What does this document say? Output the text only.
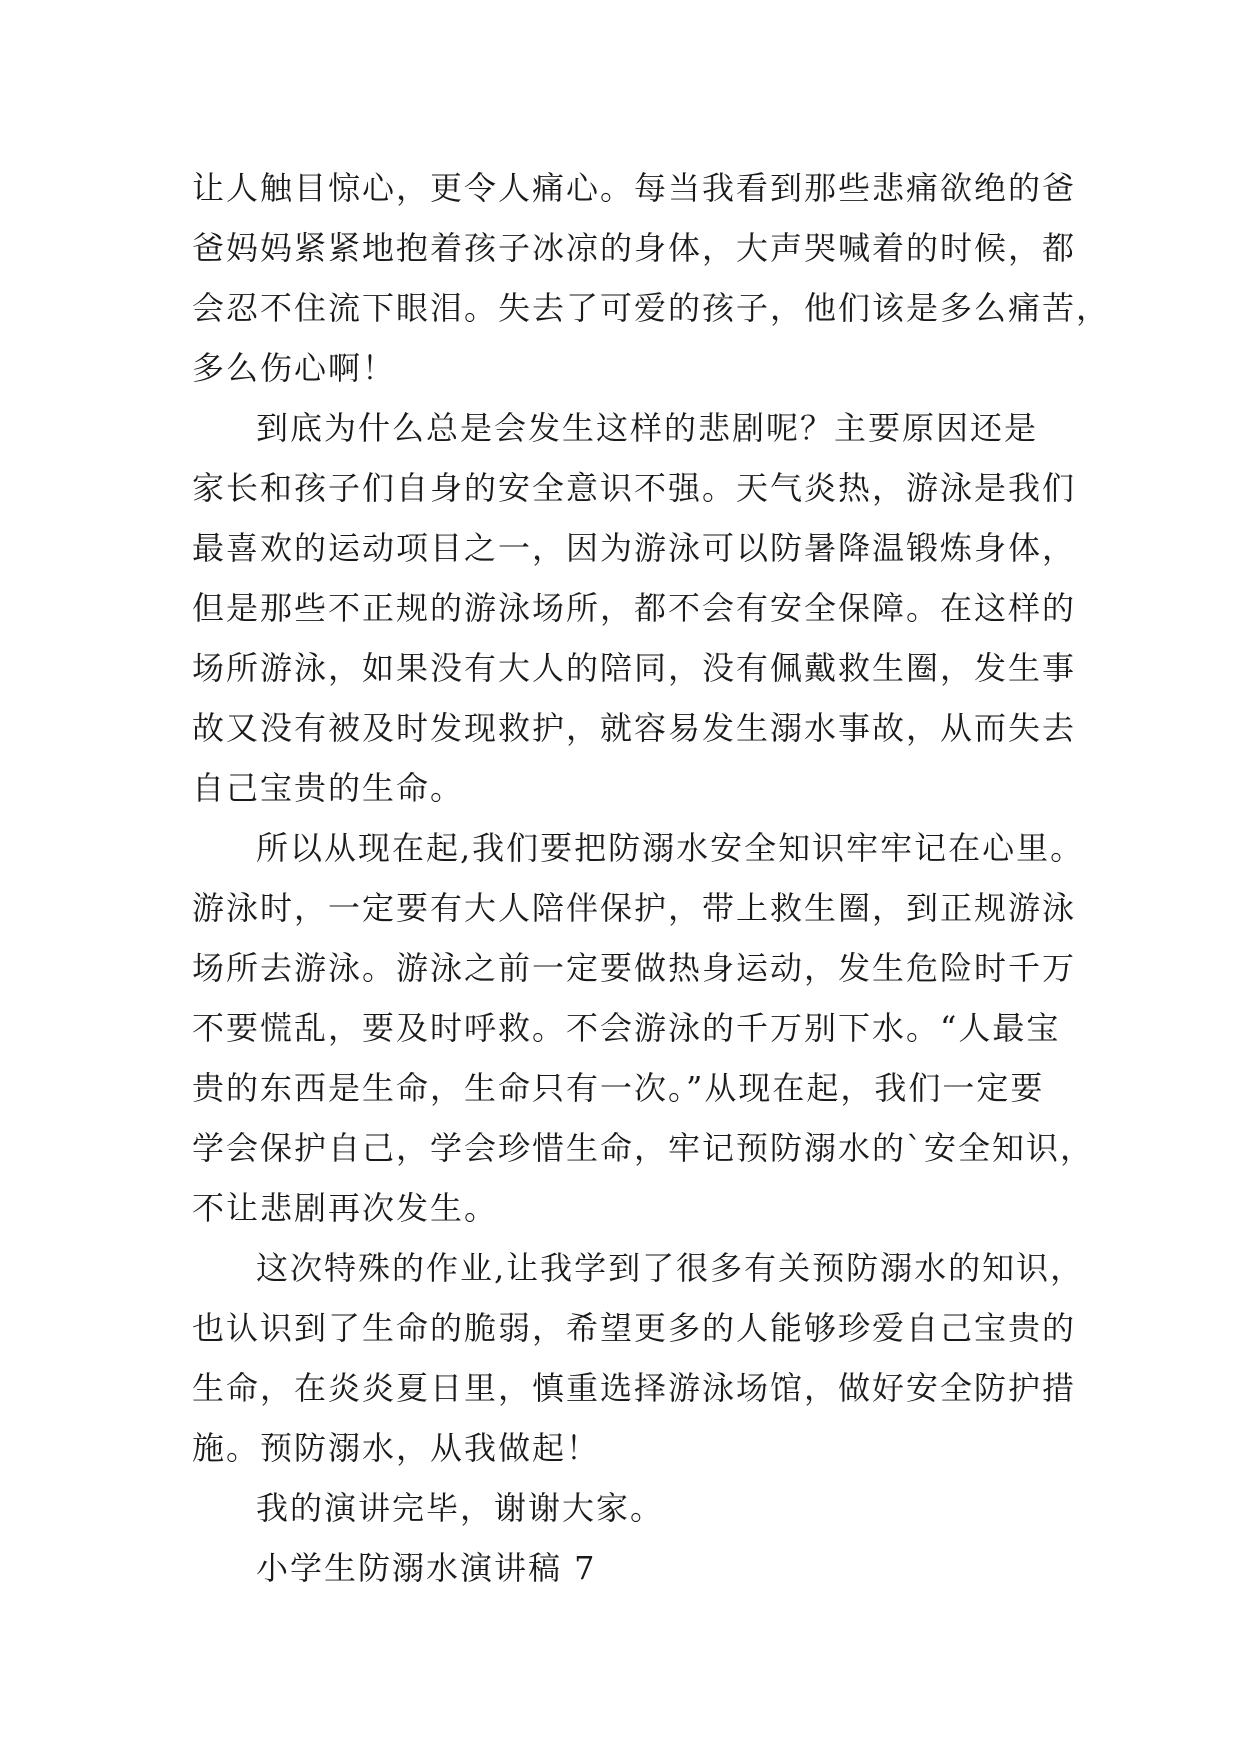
让人触目惊心，更令人痛心。每当我看到那些悲痛欲绝的爸
爸妈妈紧紧地抱着孩子冰凉的身体，大声哭喊着的时候，都
会忍不住流下眼泪。失去了可爱的孩子，他们该是多么痛苦，
多么伤心啊！
到底为什么总是会发生这样的悲剧呢？主要原因还是
家长和孩子们自身的安全意识不强。天气炎热，游泳是我们
最喜欢的运动项目之一，因为游泳可以防暑降温锻炼身体，
但是那些不正规的游泳场所，都不会有安全保障。在这样的
场所游泳，如果没有大人的陪同，没有佩戴救生圈，发生事
故又没有被及时发现救护，就容易发生溺水事故，从而失去
自己宝贵的生命。
所以从现在起,我们要把防溺水安全知识牢牢记在心里。
游泳时，一定要有大人陪伴保护，带上救生圈，到正规游泳
场所去游泳。游泳之前一定要做热身运动，发生危险时千万
不要慌乱，要及时呼救。不会游泳的千万别下水。“人最宝
贵的东西是生命，生命只有一次。”从现在起，我们一定要
学会保护自己，学会珍惜生命，牢记预防溺水的`安全知识，
不让悲剧再次发生。
这次特殊的作业,让我学到了很多有关预防溺水的知识，
也认识到了生命的脆弱，希望更多的人能够珍爱自己宝贵的
生命，在炎炎夏日里，慎重选择游泳场馆，做好安全防护措
施。预防溺水，从我做起！
我的演讲完毕，谢谢大家。
小学生防溺水演讲稿 7
